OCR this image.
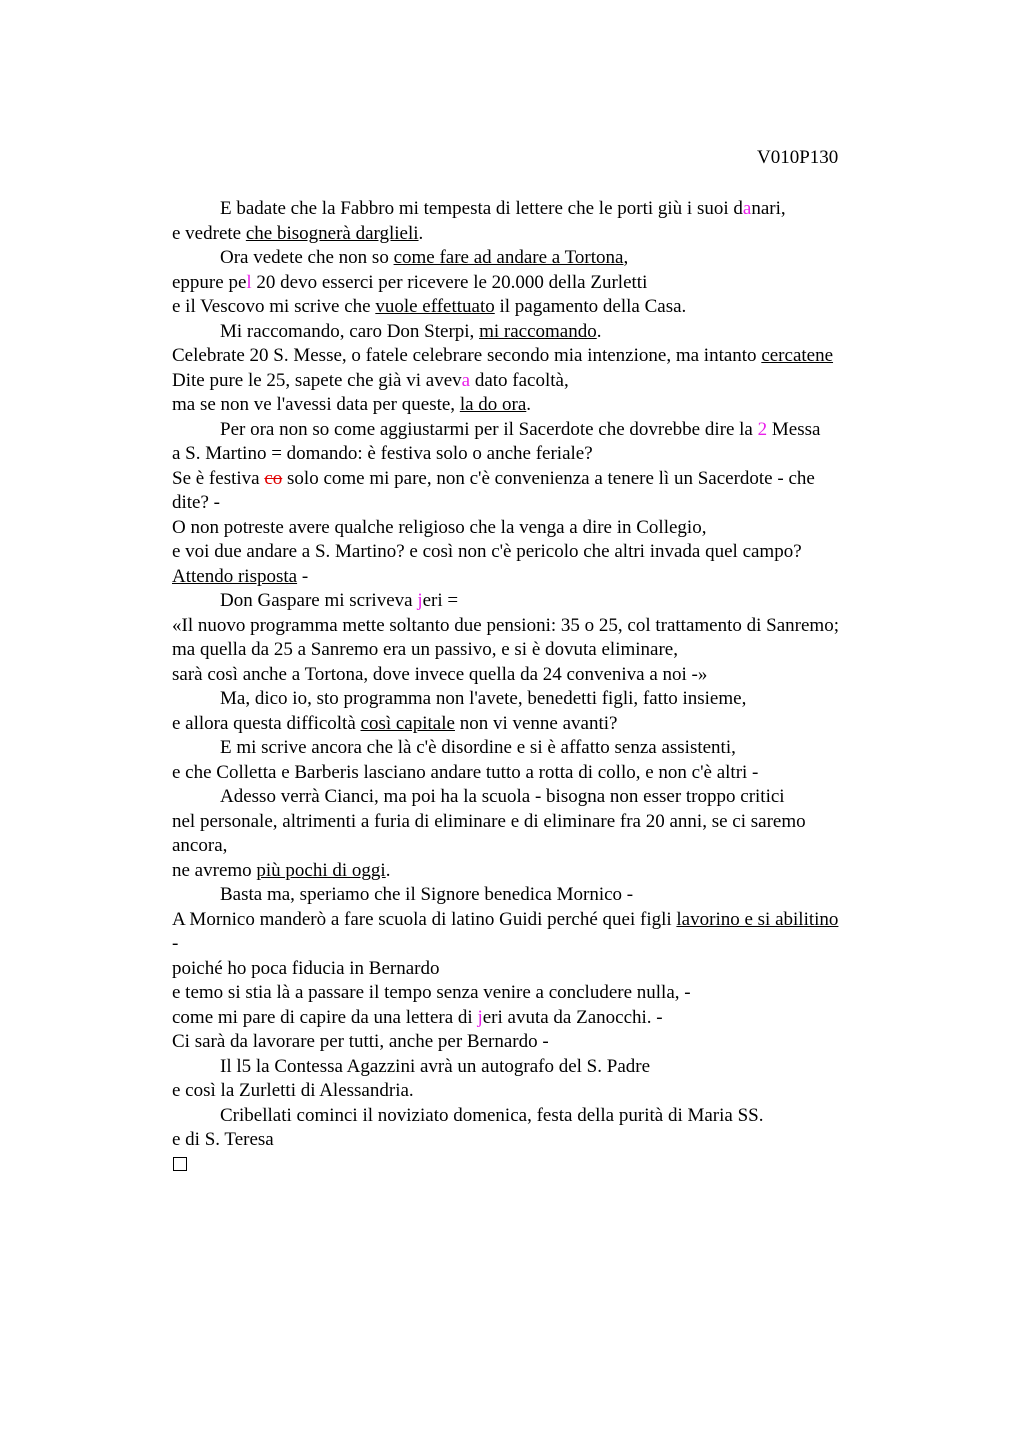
V010P130
E badate che la Fabbro mi tempesta di lettere che le porti giù i suoi danari,
e vedrete che bisognerà darglieli.
Ora vedete che non so come fare ad andare a Tortona,
eppure pel 20 devo esserci per ricevere le 20.000 della Zurletti
e il Vescovo mi scrive che vuole effettuato il pagamento della Casa.
Mi raccomando, caro Don Sterpi, mi raccomando.
Celebrate 20 S. Messe, o fatele celebrare secondo mia intenzione, ma intanto cercatene
Dite pure le 25, sapete che già vi aveva dato facoltà,
ma se non ve l'avessi data per queste, la do ora.
Per ora non so come aggiustarmi per il Sacerdote che dovrebbe dire la 2 Messa
a S. Martino = domando: è festiva solo o anche feriale?
Se è festiva co solo come mi pare, non c'è convenienza a tenere lì un Sacerdote - che
dite? -
O non potreste avere qualche religioso che la venga a dire in Collegio,
e voi due andare a S. Martino? e così non c'è pericolo che altri invada quel campo?
Attendo risposta -
Don Gaspare mi scriveva jeri =
«Il nuovo programma mette soltanto due pensioni: 35 o 25, col trattamento di Sanremo;
ma quella da 25 a Sanremo era un passivo, e si è dovuta eliminare,
sarà così anche a Tortona, dove invece quella da 24 conveniva a noi -»
Ma, dico io, sto programma non l'avete, benedetti figli, fatto insieme,
e allora questa difficoltà così capitale non vi venne avanti?
E mi scrive ancora che là c'è disordine e si è affatto senza assistenti,
e che Colletta e Barberis lasciano andare tutto a rotta di collo, e non c'è altri -
Adesso verrà Cianci, ma poi ha la scuola - bisogna non esser troppo critici
nel personale, altrimenti a furia di eliminare e di eliminare fra 20 anni, se ci saremo
ancora,
ne avremo più pochi di oggi.
Basta ma, speriamo che il Signore benedica Mornico -
A Mornico manderò a fare scuola di latino Guidi perché quei figli lavorino e si abilitino
-
poiché ho poca fiducia in Bernardo
e temo si stia là a passare il tempo senza venire a concludere nulla, -
come mi pare di capire da una lettera di jeri avuta da Zanocchi. -
Ci sarà da lavorare per tutti, anche per Bernardo -
Il l5 la Contessa Agazzini avrà un autografo del S. Padre
e così la Zurletti di Alessandria.
Cribellati cominci il noviziato domenica, festa della purità di Maria SS.
e di S. Teresa
